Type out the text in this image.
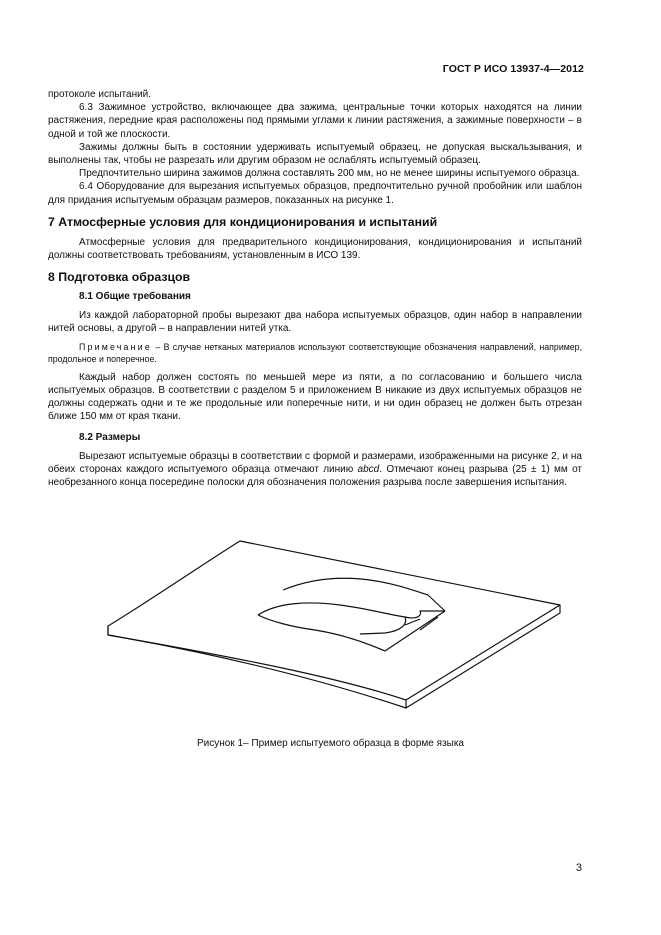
ГОСТ Р ИСО 13937-4—2012

протоколе испытаний.

6.3 Зажимное устройство, включающее два зажима, центральные точки которых находятся на линии растяжения, передние края расположены под прямыми углами к линии растяжения, а зажимные поверхности – в одной и той же плоскости.

Зажимы должны быть в состоянии удерживать испытуемый образец, не допуская выскальзывания, и выполнены так, чтобы не разрезать или другим образом не ослаблять испытуемый образец.

Предпочтительно ширина зажимов должна составлять 200 мм, но не менее ширины испытуемого образца.

6.4 Оборудование для вырезания испытуемых образцов, предпочтительно ручной пробойник или шаблон для придания испытуемым образцам размеров, показанных на рисунке 1.

7 Атмосферные условия для кондиционирования и испытаний

Атмосферные условия для предварительного кондиционирования, кондиционирования и испытаний должны соответствовать требованиям, установленным в ИСО 139.

8 Подготовка образцов

8.1 Общие требования

Из каждой лабораторной пробы вырезают два набора испытуемых образцов, один набор в направлении нитей основы, а другой – в направлении нитей утка.

Примечание – В случае нетканых материалов используют соответствующие обозначения направлений, например, продольное и поперечное.

Каждый набор должен состоять по меньшей мере из пяти, а по согласованию и большего числа испытуемых образцов. В соответствии с разделом 5 и приложением В никакие из двух испытуемых образцов не должны содержать одни и те же продольные или поперечные нити, и ни один образец не должен быть отрезан ближе 150 мм от края ткани.

8.2 Размеры

Вырезают испытуемые образцы в соответствии с формой и размерами, изображенными на рисунке 2, и на обеих сторонах каждого испытуемого образца отмечают линию abcd. Отмечают конец разрыва (25 ± 1) мм от необрезанного конца посередине полоски для обозначения положения разрыва после завершения испытания.

Рисунок 1– Пример испытуемого образца в форме языка
3
